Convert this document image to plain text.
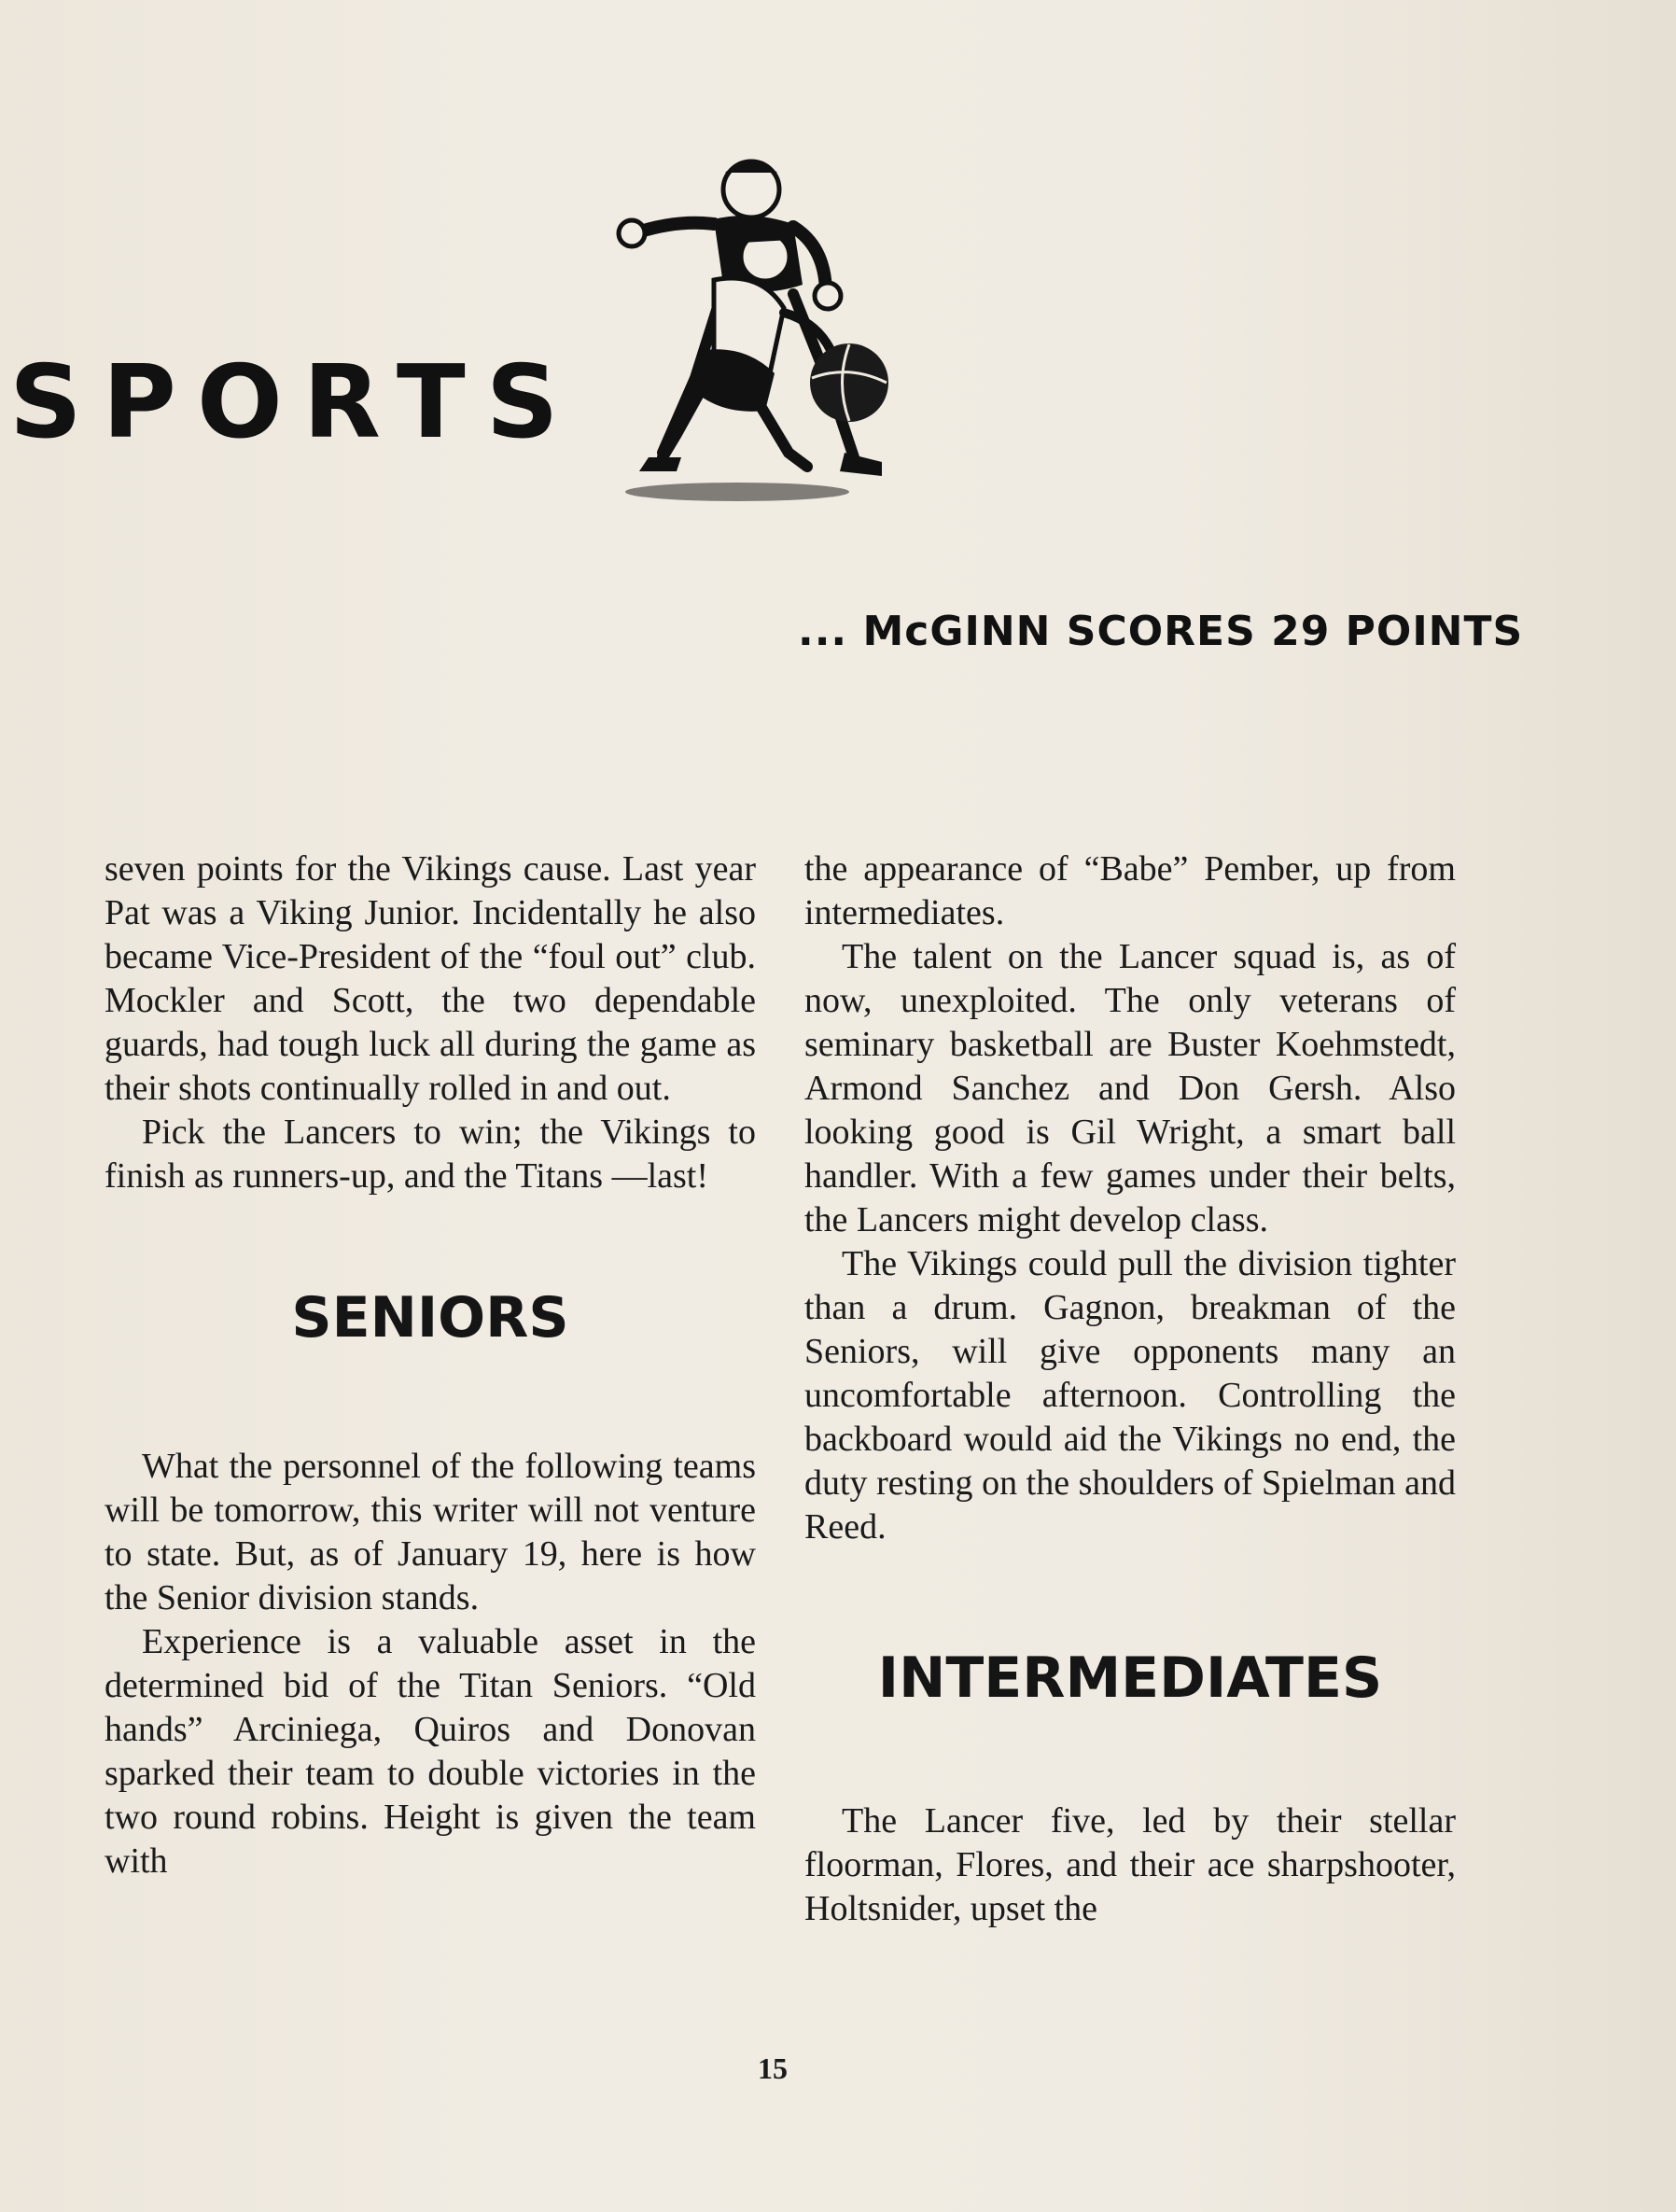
SPORTS
... McGINN SCORES 29 POINTS

seven points for the Vikings cause. Last year Pat was a Viking Junior. Incidentally he also became Vice-President of the “foul out” club. Mockler and Scott, the two dependable guards, had tough luck all during the game as their shots continually rolled in and out.

Pick the Lancers to win; the Vikings to finish as runners-up, and the Titans —last!

SENIORS

What the personnel of the following teams will be tomorrow, this writer will not venture to state. But, as of January 19, here is how the Senior division stands.

Experience is a valuable asset in the determined bid of the Titan Seniors. “Old hands” Arciniega, Quiros and Donovan sparked their team to double victories in the two round robins. Height is given the team with

the appearance of “Babe” Pember, up from intermediates.

The talent on the Lancer squad is, as of now, unexploited. The only veterans of seminary basketball are Buster Koehmstedt, Armond Sanchez and Don Gersh. Also looking good is Gil Wright, a smart ball handler. With a few games under their belts, the Lancers might develop class.

The Vikings could pull the division tighter than a drum. Gagnon, breakman of the Seniors, will give opponents many an uncomfortable afternoon. Controlling the backboard would aid the Vikings no end, the duty resting on the shoulders of Spielman and Reed.

INTERMEDIATES

The Lancer five, led by their stellar floorman, Flores, and their ace sharpshooter, Holtsnider, upset the

15
